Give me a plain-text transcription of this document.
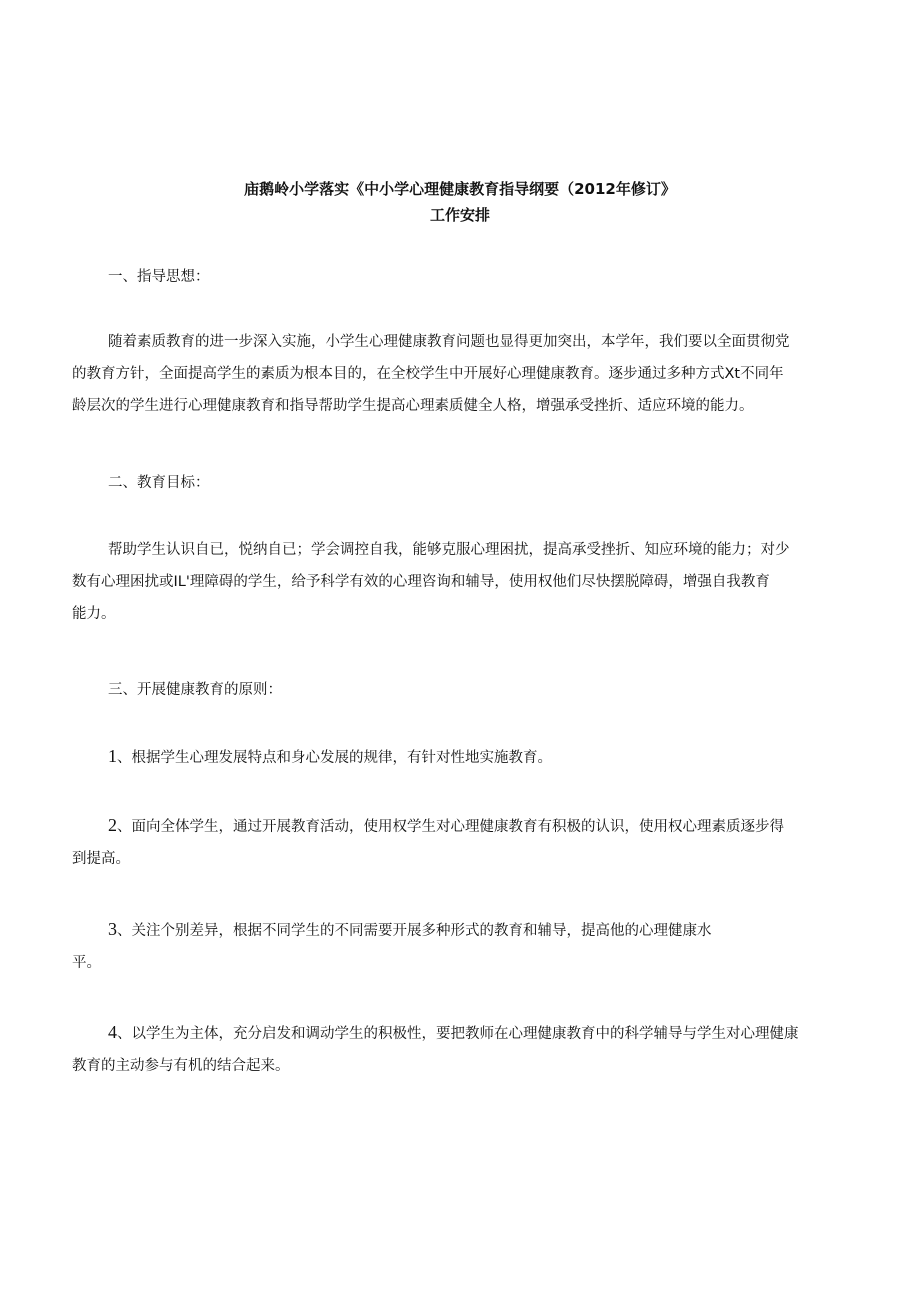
庙鹅岭小学落实《中小学心理健康教育指导纲要（2012年修订》
工作安排
一、指导思想：
随着素质教育的进一步深入实施，小学生心理健康教育问题也显得更加突出，本学年，我们要以全面贯彻党
的教育方针，全面提高学生的素质为根本目的，在全校学生中开展好心理健康教育。逐步通过多种方式Xt不同年
龄层次的学生进行心理健康教育和指导帮助学生提高心理素质健全人格，增强承受挫折、适应环境的能力。
二、教育目标：
帮助学生认识自已，悦纳自已；学会调控自我，能够克服心理困扰，提高承受挫折、知应环境的能力；对少
数有心理困扰或IL'理障碍的学生，给予科学有效的心理咨询和辅导，使用权他们尽快摆脱障碍，增强自我教育
能力。
三、开展健康教育的原则：
1、根据学生心理发展特点和身心发展的规律，有针对性地实施教育。
2、面向全体学生，通过开展教育活动，使用权学生对心理健康教育有积极的认识，使用权心理素质逐步得
到提高。
3、关注个别差异，根据不同学生的不同需要开展多种形式的教育和辅导，提高他的心理健康水
平。
4、以学生为主体，充分启发和调动学生的积极性，要把教师在心理健康教育中的科学辅导与学生对心理健康
教育的主动参与有机的结合起来。
